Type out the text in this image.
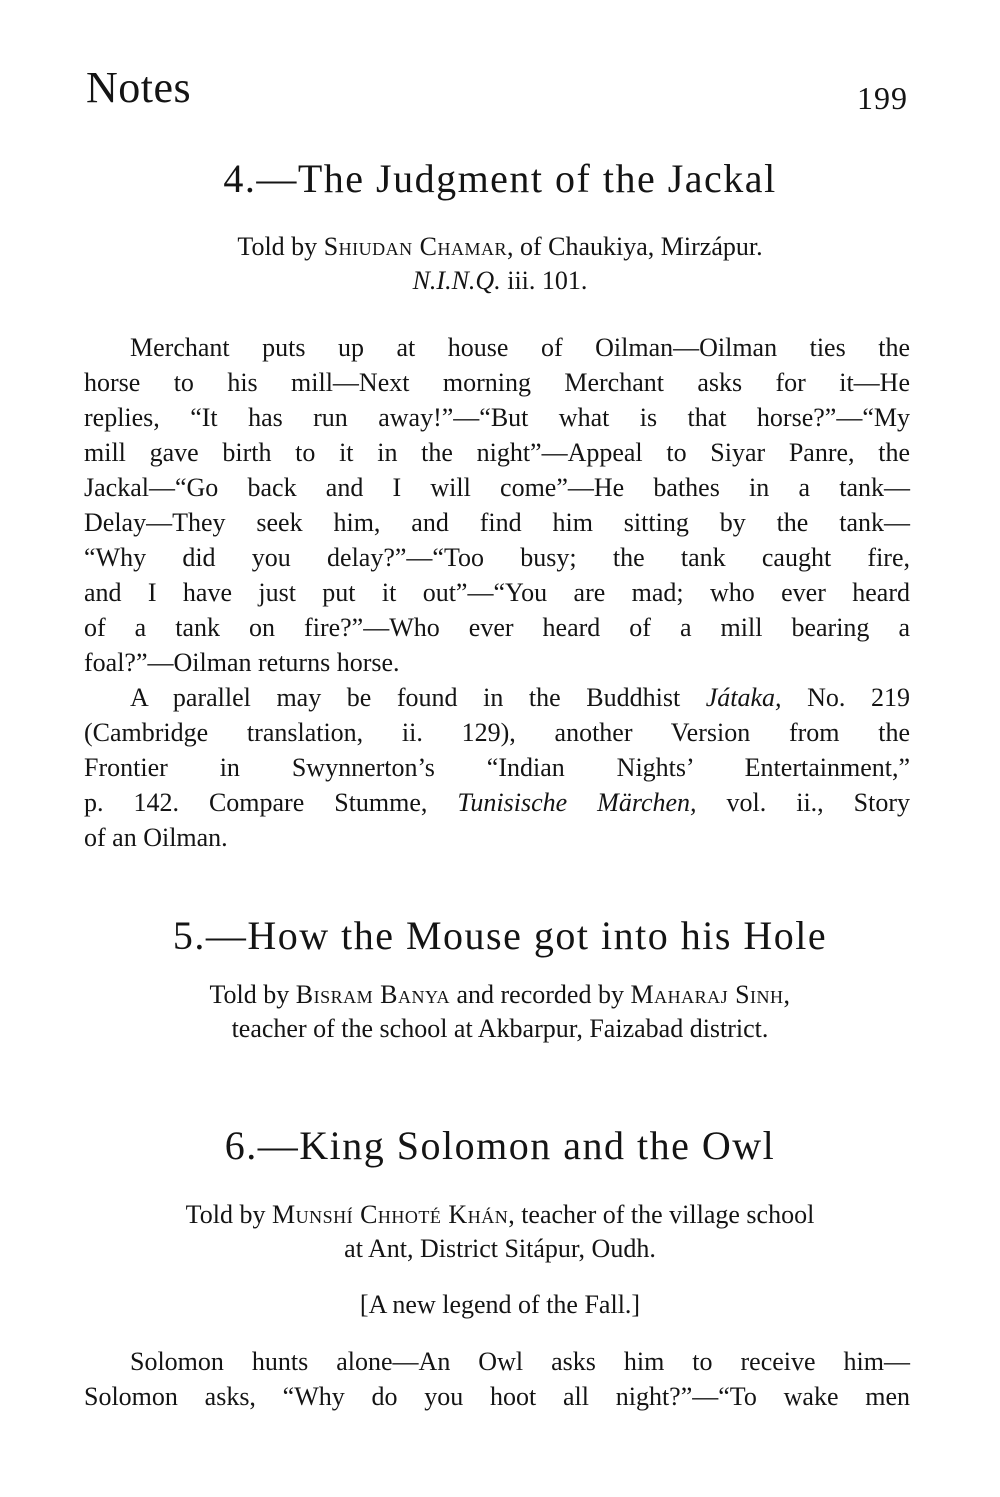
Notes	199
4.—The Judgment of the Jackal
Told by Shiudan Chamar, of Chaukiya, Mirzápur.
N.I.N.Q. iii. 101.
Merchant puts up at house of Oilman—Oilman ties the
horse to his mill—Next morning Merchant asks for it—He
replies, “It has run away!”—“But what is that horse?”—“My
mill gave birth to it in the night”—Appeal to Siyar Panre, the
Jackal—“Go back and I will come”—He bathes in a tank—
Delay—They seek him, and find him sitting by the tank—
“Why did you delay?”—“Too busy; the tank caught fire,
and I have just put it out”—“You are mad; who ever heard
of a tank on fire?”—Who ever heard of a mill bearing a
foal?”—Oilman returns horse.
A parallel may be found in the Buddhist Játaka, No. 219
(Cambridge translation, ii. 129), another Version from the
Frontier in Swynnerton’s “Indian Nights’ Entertainment,”
p. 142. Compare Stumme, Tunisische Märchen, vol. ii., Story
of an Oilman.
5.—How the Mouse got into his Hole
Told by Bisram Banya and recorded by Maharaj Sinh,
teacher of the school at Akbarpur, Faizabad district.
6.—King Solomon and the Owl
Told by Munshí Chhoté Khán, teacher of the village school
at Ant, District Sitápur, Oudh.
[A new legend of the Fall.]
Solomon hunts alone—An Owl asks him to receive him—
Solomon asks, “Why do you hoot all night?”—“To wake men
